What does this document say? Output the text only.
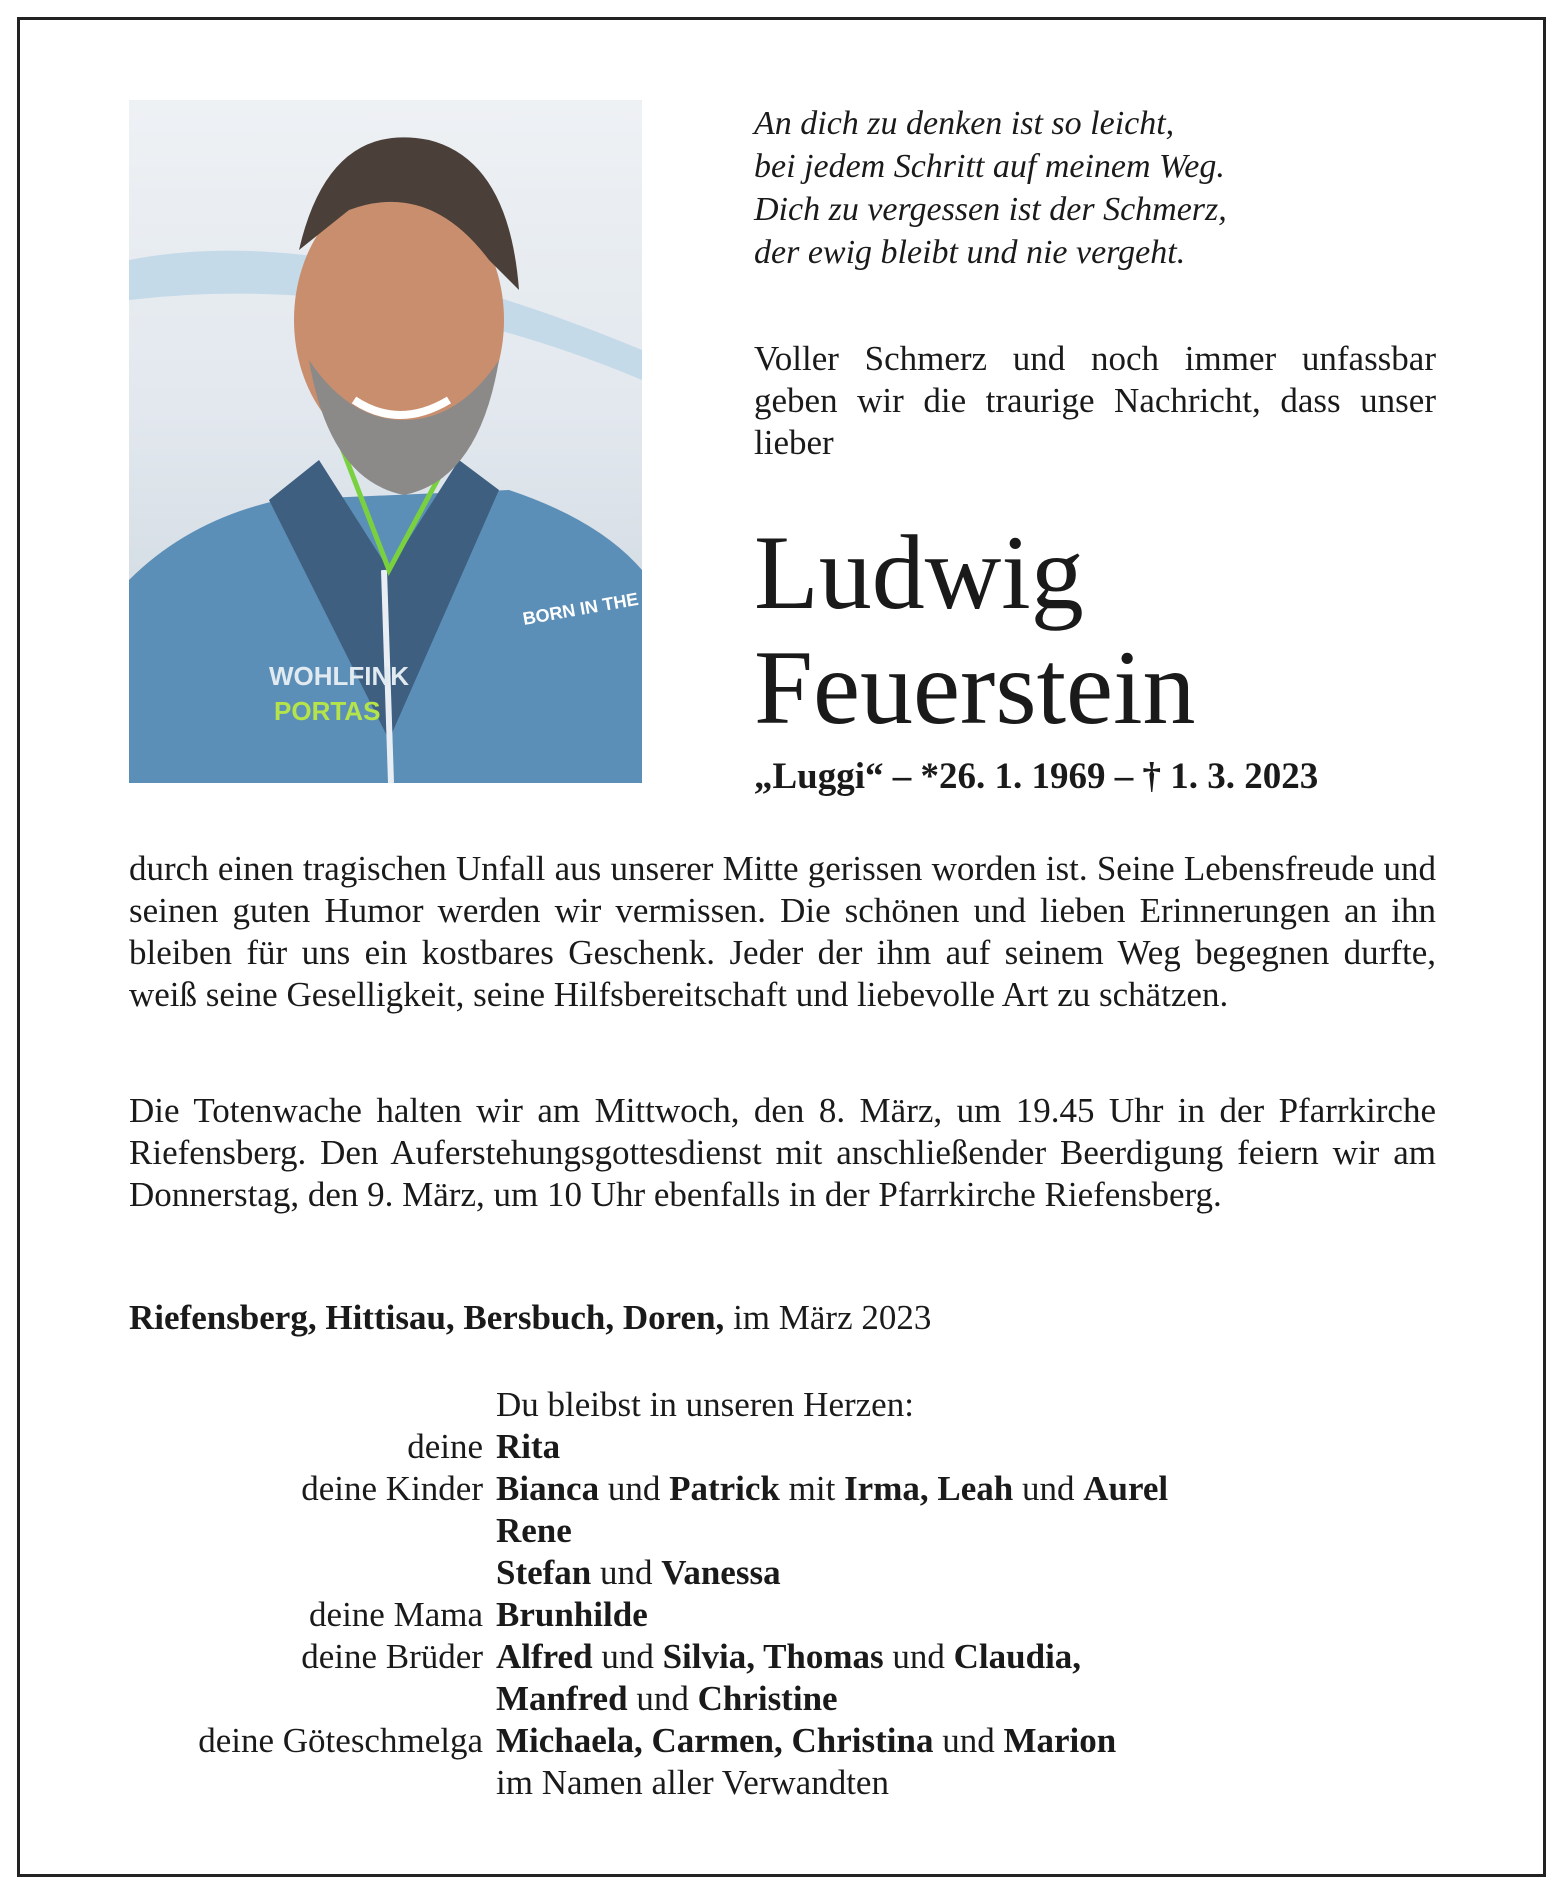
WOHLFINK
PORTAS
BORN IN THE ALPS
An dich zu denken ist so leicht,
bei jedem Schritt auf meinem Weg.
Dich zu vergessen ist der Schmerz,
der ewig bleibt und nie vergeht.
Voller Schmerz und noch immer unfassbar geben wir die traurige Nachricht, dass unser lieber
Ludwig
Feuerstein
„Luggi“ – *26. 1. 1969 – † 1. 3. 2023
durch einen tragischen Unfall aus unserer Mitte gerissen worden ist. Seine Lebensfreude und seinen guten Humor werden wir vermissen. Die schönen und lieben Erinnerungen an ihn bleiben für uns ein kostbares Geschenk. Jeder der ihm auf seinem Weg begegnen durfte, weiß seine Geselligkeit, seine Hilfsbereitschaft und liebevolle Art zu schätzen.
Die Totenwache halten wir am Mittwoch, den 8. März, um 19.45 Uhr in der Pfarrkirche Riefensberg. Den Auferstehungsgottesdienst mit anschließender Beerdigung feiern wir am Donnerstag, den 9. März, um 10 Uhr ebenfalls in der Pfarrkirche Riefensberg.
Riefensberg, Hittisau, Bersbuch, Doren, im März 2023
Du bleibst in unseren Herzen:
deine Rita
deine Kinder Bianca und Patrick mit Irma, Leah und Aurel
Rene
Stefan und Vanessa
deine Mama Brunhilde
deine Brüder Alfred und Silvia, Thomas und Claudia,
Manfred und Christine
deine Göteschmelga Michaela, Carmen, Christina und Marion
im Namen aller Verwandten
